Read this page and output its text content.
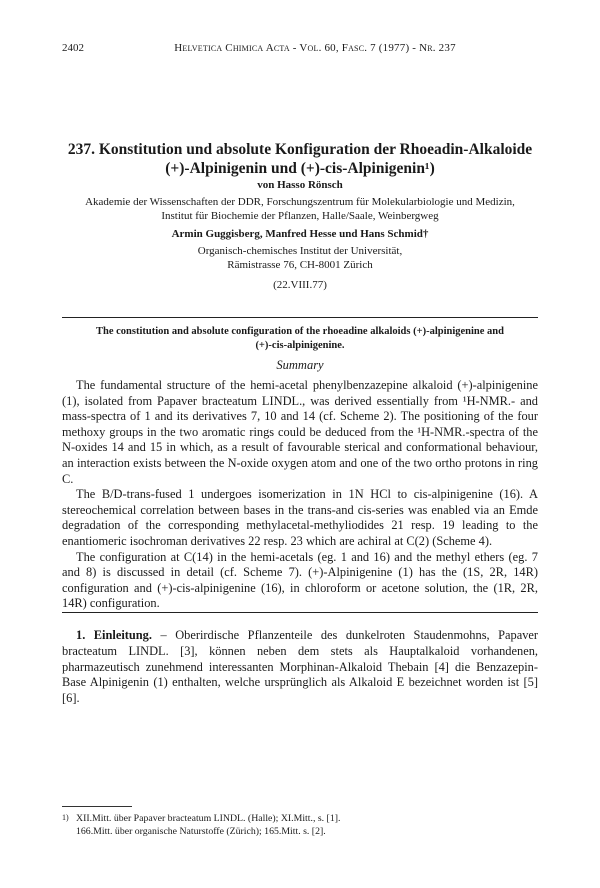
2402	Helvetica Chimica Acta - Vol. 60, Fasc. 7 (1977) - Nr. 237
237. Konstitution und absolute Konfiguration der Rhoeadin-Alkaloide
(+)-Alpinigenin und (+)-cis-Alpinigenin¹)
von Hasso Rönsch
Akademie der Wissenschaften der DDR, Forschungszentrum für Molekularbiologie und Medizin,
Institut für Biochemie der Pflanzen, Halle/Saale, Weinbergweg
Armin Guggisberg, Manfred Hesse und Hans Schmid†
Organisch-chemisches Institut der Universität,
Rämistrasse 76, CH-8001 Zürich
(22.VIII.77)
The constitution and absolute configuration of the rhoeadine alkaloids (+)-alpinigenine and
(+)-cis-alpinigenine.
Summary

The fundamental structure of the hemi-acetal phenylbenzazepine alkaloid (+)-alpinigenine (1), isolated from Papaver bracteatum LINDL., was derived essentially from ¹H-NMR.- and mass-spectra of 1 and its derivatives 7, 10 and 14 (cf. Scheme 2). The positioning of the four methoxy groups in the two aromatic rings could be deduced from the ¹H-NMR.-spectra of the N-oxides 14 and 15 in which, as a result of favourable sterical and conformational behaviour, an interaction exists between the N-oxide oxygen atom and one of the two ortho protons in ring C.

The B/D-trans-fused 1 undergoes isomerization in 1N HCl to cis-alpinigenine (16). A stereochemical correlation between bases in the trans-and cis-series was enabled via an Emde degradation of the corresponding methylacetal-methyliodides 21 resp. 19 leading to the enantiomeric isochroman derivatives 22 resp. 23 which are achiral at C(2) (Scheme 4).

The configuration at C(14) in the hemi-acetals (eg. 1 and 16) and the methyl ethers (eg. 7 and 8) is discussed in detail (cf. Scheme 7). (+)-Alpinigenine (1) has the (1S, 2R, 14R) configuration and (+)-cis-alpinigenine (16), in chloroform or acetone solution, the (1R, 2R, 14R) configuration.

1. Einleitung. – Oberirdische Pflanzenteile des dunkelroten Staudenmohns, Papaver bracteatum LINDL. [3], können neben dem stets als Hauptalkaloid vorhandenen, pharmazeutisch zunehmend interessanten Morphinan-Alkaloid Thebain [4] die Benzazepin-Base Alpinigenin (1) enthalten, welche ursprünglich als Alkaloid E bezeichnet worden ist [5] [6].

1) XII.Mitt. über Papaver bracteatum LINDL. (Halle); XI.Mitt., s. [1].
166.Mitt. über organische Naturstoffe (Zürich); 165.Mitt. s. [2].
